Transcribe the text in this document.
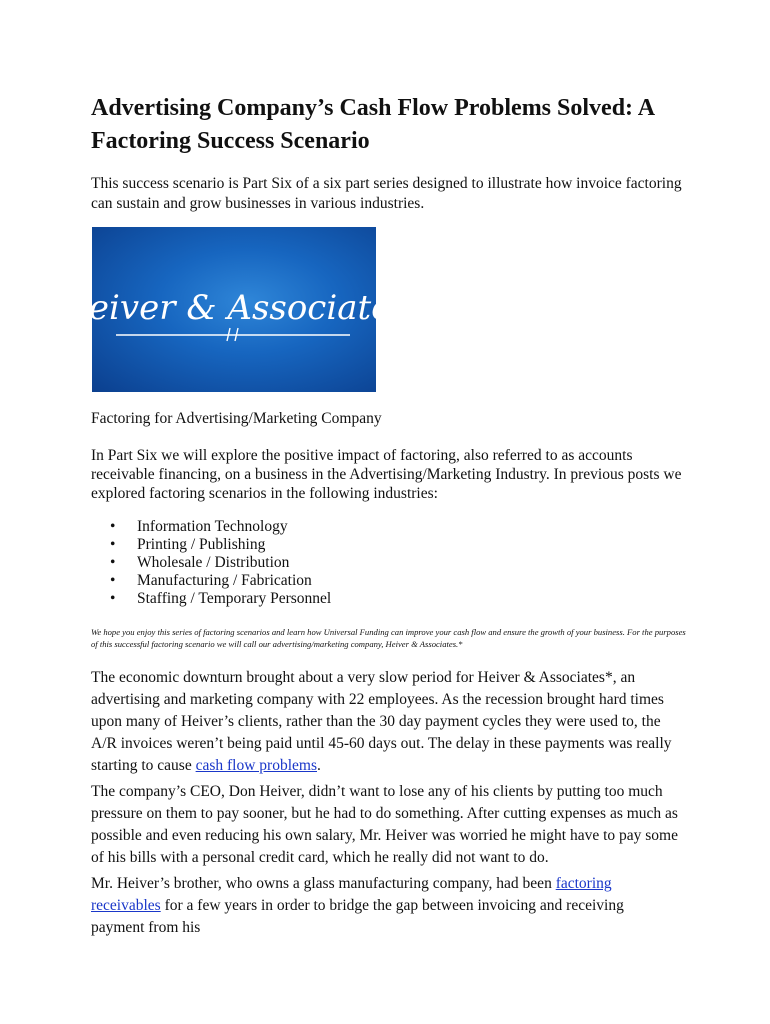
Advertising Company’s Cash Flow Problems Solved: A Factoring Success Scenario

This success scenario is Part Six of a six part series designed to illustrate how invoice factoring can sustain and grow businesses in various industries.

Heiver & Associates

Factoring for Advertising/Marketing Company

In Part Six we will explore the positive impact of factoring, also referred to as accounts receivable financing, on a business in the Advertising/Marketing Industry. In previous posts we explored factoring scenarios in the following industries:

• Information Technology
• Printing / Publishing
• Wholesale / Distribution
• Manufacturing / Fabrication
• Staffing / Temporary Personnel

We hope you enjoy this series of factoring scenarios and learn how Universal Funding can improve your cash flow and ensure the growth of your business. For the purposes of this successful factoring scenario we will call our advertising/marketing company, Heiver & Associates.*

The economic downturn brought about a very slow period for Heiver & Associates*, an advertising and marketing company with 22 employees. As the recession brought hard times upon many of Heiver’s clients, rather than the 30 day payment cycles they were used to, the A/R invoices weren’t being paid until 45-60 days out. The delay in these payments was really starting to cause cash flow problems.

The company’s CEO, Don Heiver, didn’t want to lose any of his clients by putting too much pressure on them to pay sooner, but he had to do something. After cutting expenses as much as possible and even reducing his own salary, Mr. Heiver was worried he might have to pay some of his bills with a personal credit card, which he really did not want to do.

Mr. Heiver’s brother, who owns a glass manufacturing company, had been factoring receivables for a few years in order to bridge the gap between invoicing and receiving payment from his
